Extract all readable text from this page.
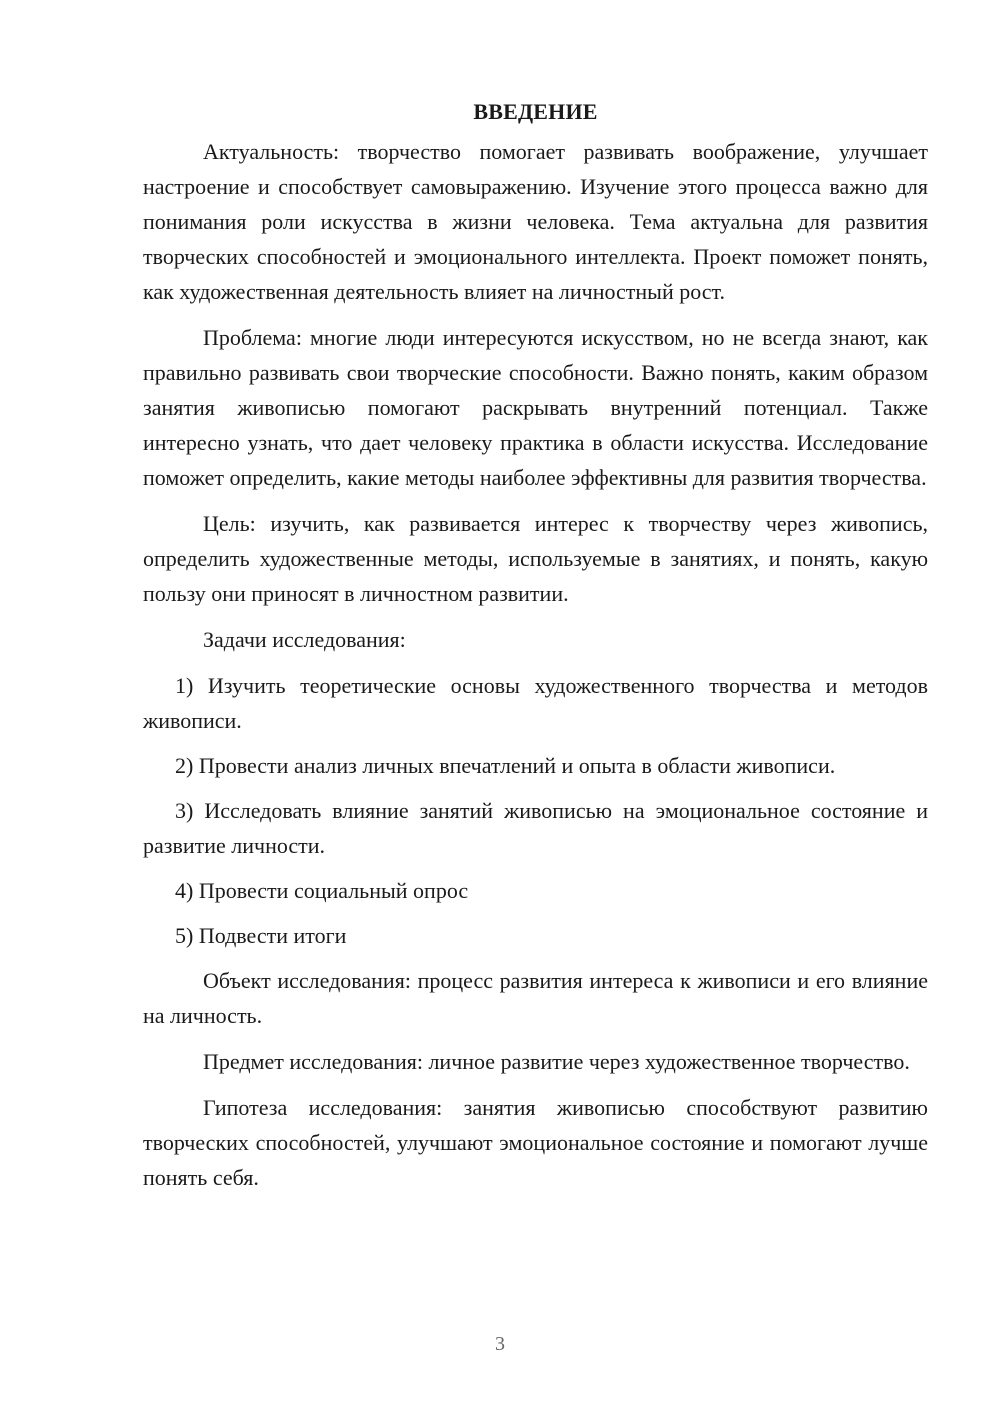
ВВЕДЕНИЕ

Актуальность: творчество помогает развивать воображение, улучшает настроение и способствует самовыражению. Изучение этого процесса важно для понимания роли искусства в жизни человека. Тема актуальна для развития творческих способностей и эмоционального интеллекта. Проект поможет понять, как художественная деятельность влияет на личностный рост.

Проблема: многие люди интересуются искусством, но не всегда знают, как правильно развивать свои творческие способности. Важно понять, каким образом занятия живописью помогают раскрывать внутренний потенциал. Также интересно узнать, что дает человеку практика в области искусства. Исследование поможет определить, какие методы наиболее эффективны для развития творчества.

Цель: изучить, как развивается интерес к творчеству через живопись, определить художественные методы, используемые в занятиях, и понять, какую пользу они приносят в личностном развитии.

Задачи исследования:

1) Изучить теоретические основы художественного творчества и методов живописи.

2) Провести анализ личных впечатлений и опыта в области живописи.

3) Исследовать влияние занятий живописью на эмоциональное состояние и развитие личности.

4) Провести социальный опрос

5) Подвести итоги

Объект исследования: процесс развития интереса к живописи и его влияние на личность.

Предмет исследования: личное развитие через художественное творчество.

Гипотеза исследования: занятия живописью способствуют развитию творческих способностей, улучшают эмоциональное состояние и помогают лучше понять себя.

3
